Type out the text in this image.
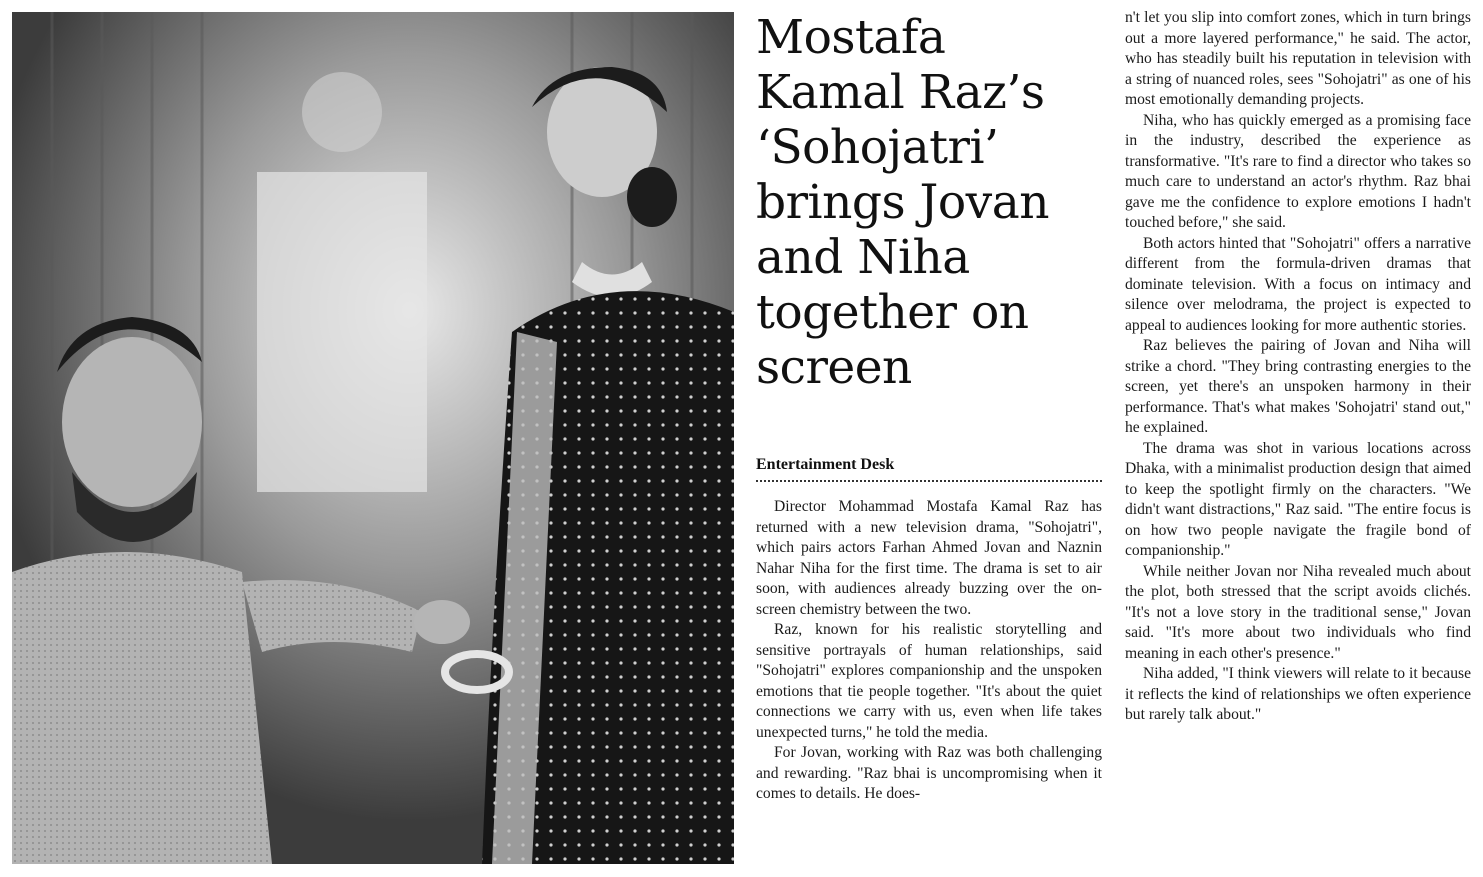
Mostafa Kamal Raz’s ‘Sohojatri’ brings Jovan and Niha together on screen
Entertainment Desk

Director Mohammad Mostafa Kamal Raz has returned with a new television drama, "Sohojatri", which pairs actors Farhan Ahmed Jovan and Naznin Nahar Niha for the first time. The drama is set to air soon, with audiences already buzzing over the on-screen chemistry between the two.

Raz, known for his realistic storytelling and sensitive portrayals of human relationships, said "Sohojatri" explores companionship and the unspoken emotions that tie people together. "It's about the quiet connections we carry with us, even when life takes unexpected turns," he told the media.

For Jovan, working with Raz was both challenging and rewarding. "Raz bhai is uncompromising when it comes to details. He does-

n't let you slip into comfort zones, which in turn brings out a more layered performance," he said. The actor, who has steadily built his reputation in television with a string of nuanced roles, sees "Sohojatri" as one of his most emotionally demanding projects.

Niha, who has quickly emerged as a promising face in the industry, described the experience as transformative. "It's rare to find a director who takes so much care to understand an actor's rhythm. Raz bhai gave me the confidence to explore emotions I hadn't touched before," she said.

Both actors hinted that "Sohojatri" offers a narrative different from the formula-driven dramas that dominate television. With a focus on intimacy and silence over melodrama, the project is expected to appeal to audiences looking for more authentic stories.

Raz believes the pairing of Jovan and Niha will strike a chord. "They bring contrasting energies to the screen, yet there's an unspoken harmony in their performance. That's what makes 'Sohojatri' stand out," he explained.

The drama was shot in various locations across Dhaka, with a minimalist production design that aimed to keep the spotlight firmly on the characters. "We didn't want distractions," Raz said. "The entire focus is on how two people navigate the fragile bond of companionship."

While neither Jovan nor Niha revealed much about the plot, both stressed that the script avoids clichés. "It's not a love story in the traditional sense," Jovan said. "It's more about two individuals who find meaning in each other's presence."

Niha added, "I think viewers will relate to it because it reflects the kind of relationships we often experience but rarely talk about."
